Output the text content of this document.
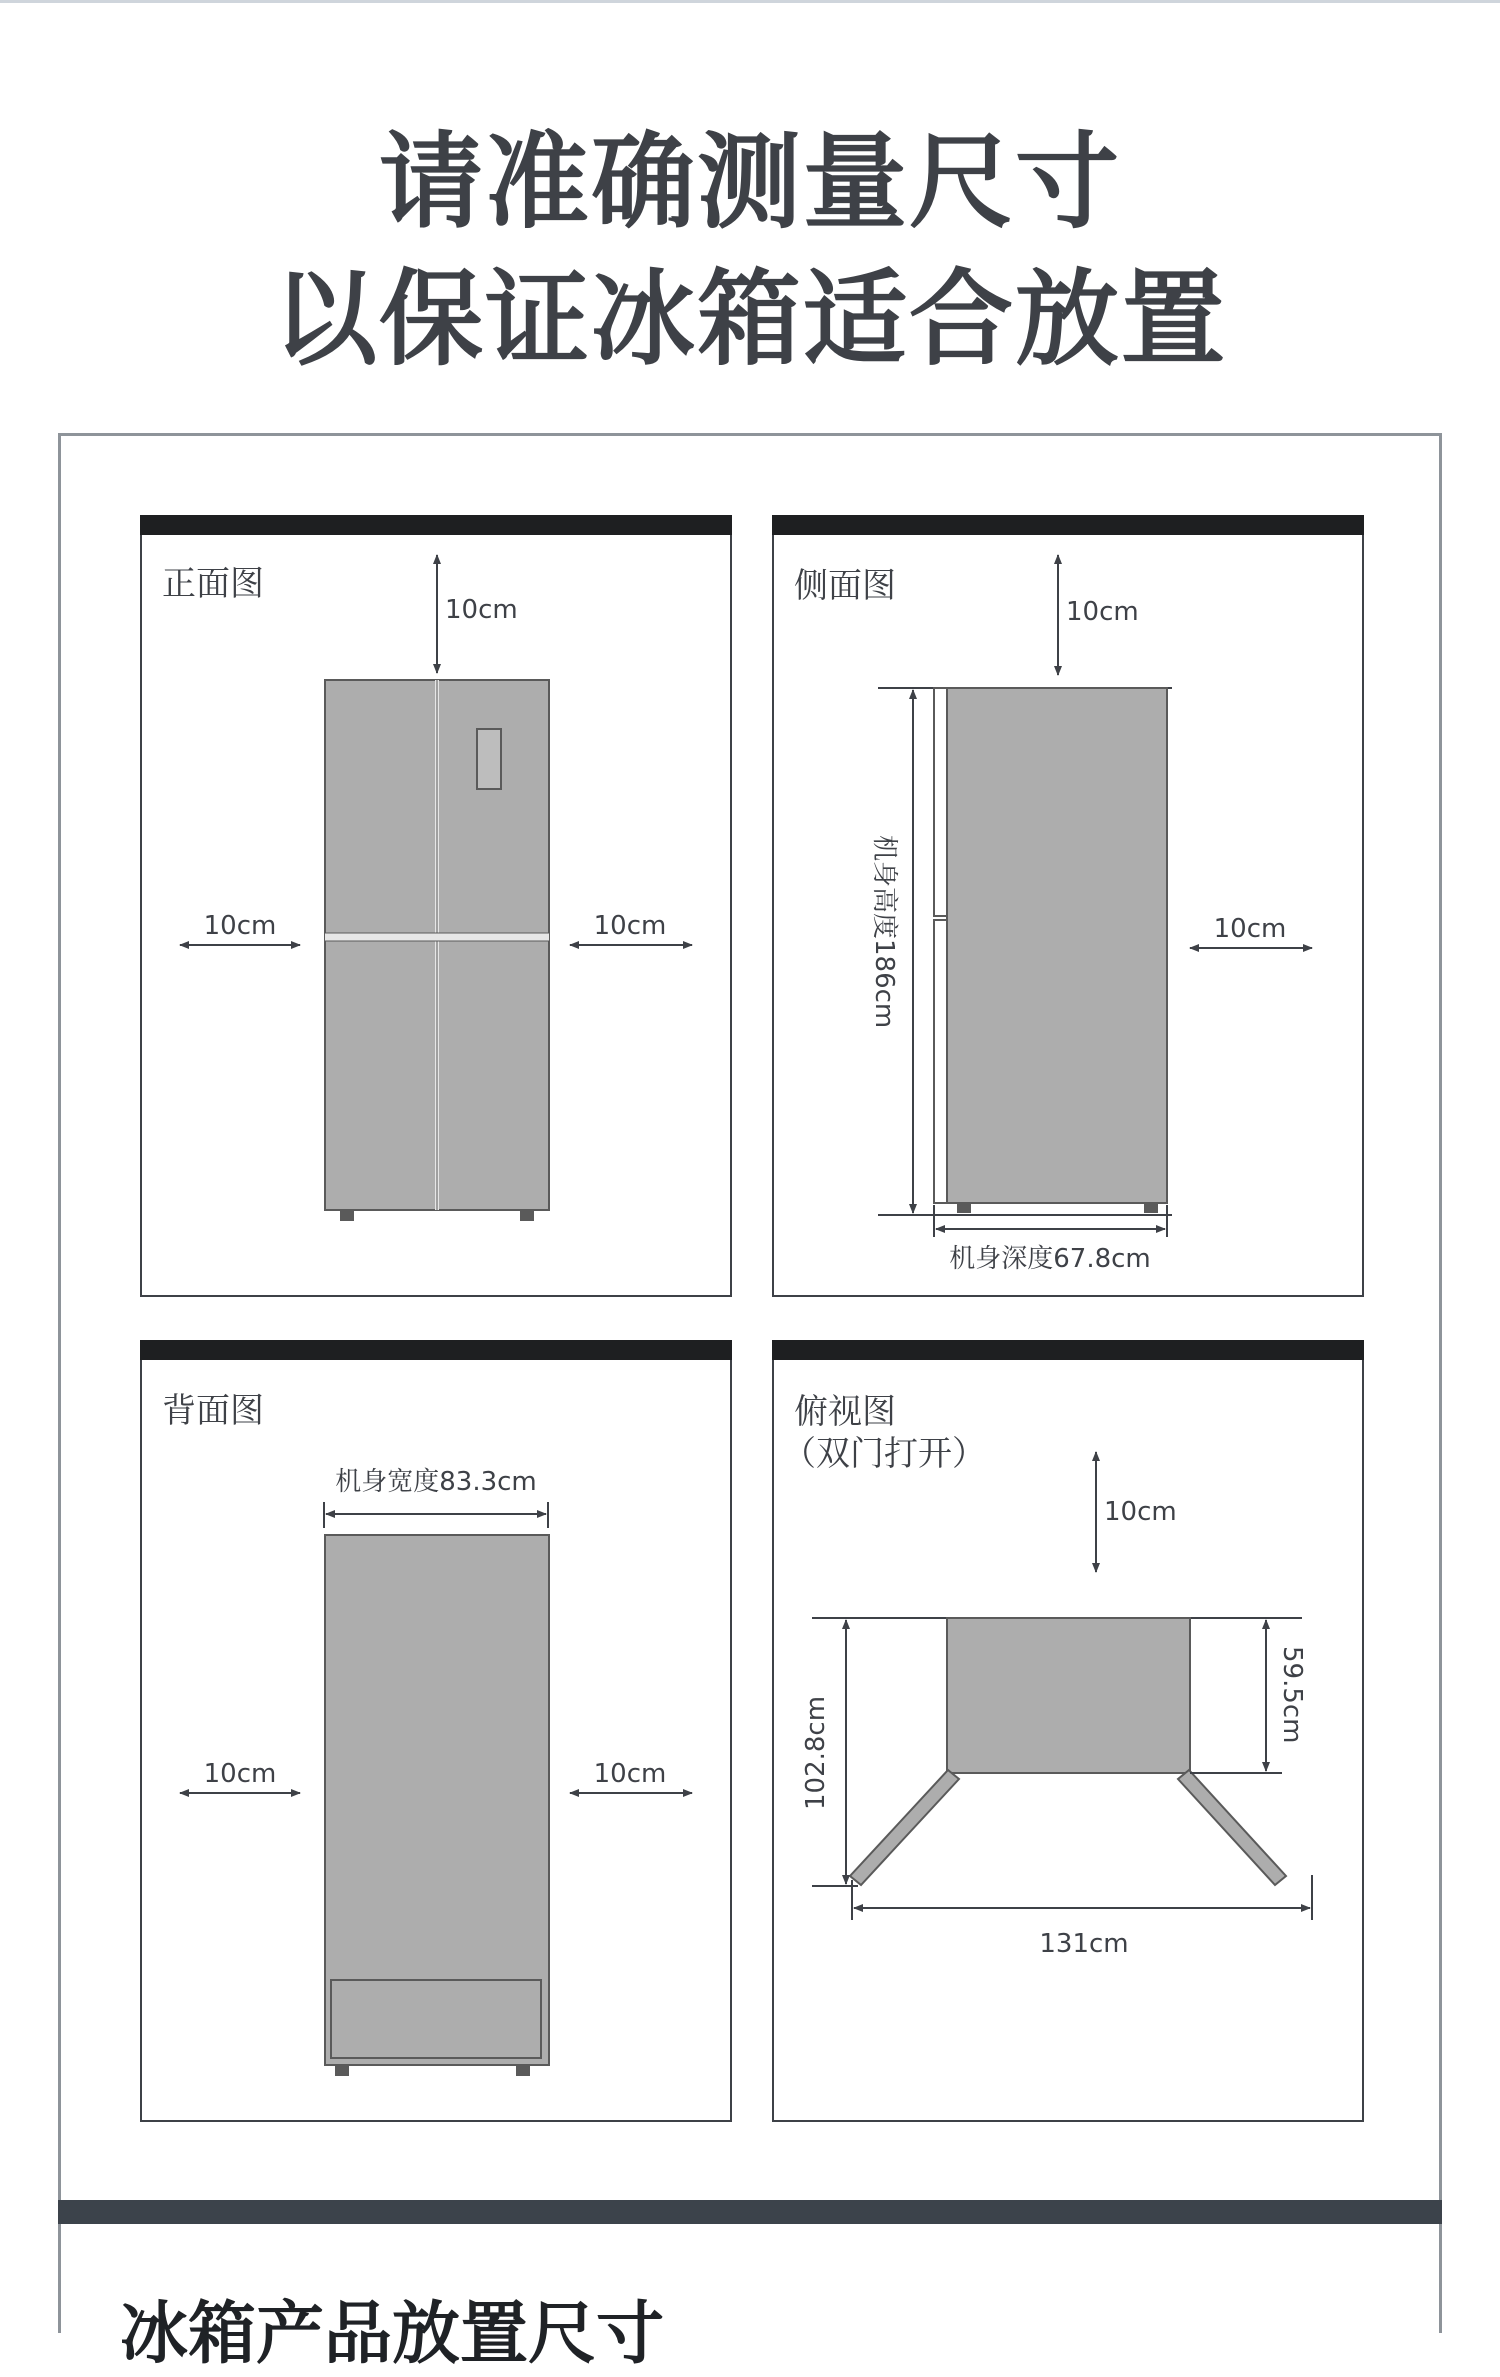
请准确测量尺寸
以保证冰箱适合放置
正面图
10cm
10cm	10cm
侧面图
10cm
机身高度186cm
机身深度67.8cm
10cm
背面图
机身宽度83.3cm
10cm	10cm
俯视图
（双门打开）
10cm
102.8cm
59.5cm
131cm
冰箱产品放置尺寸
